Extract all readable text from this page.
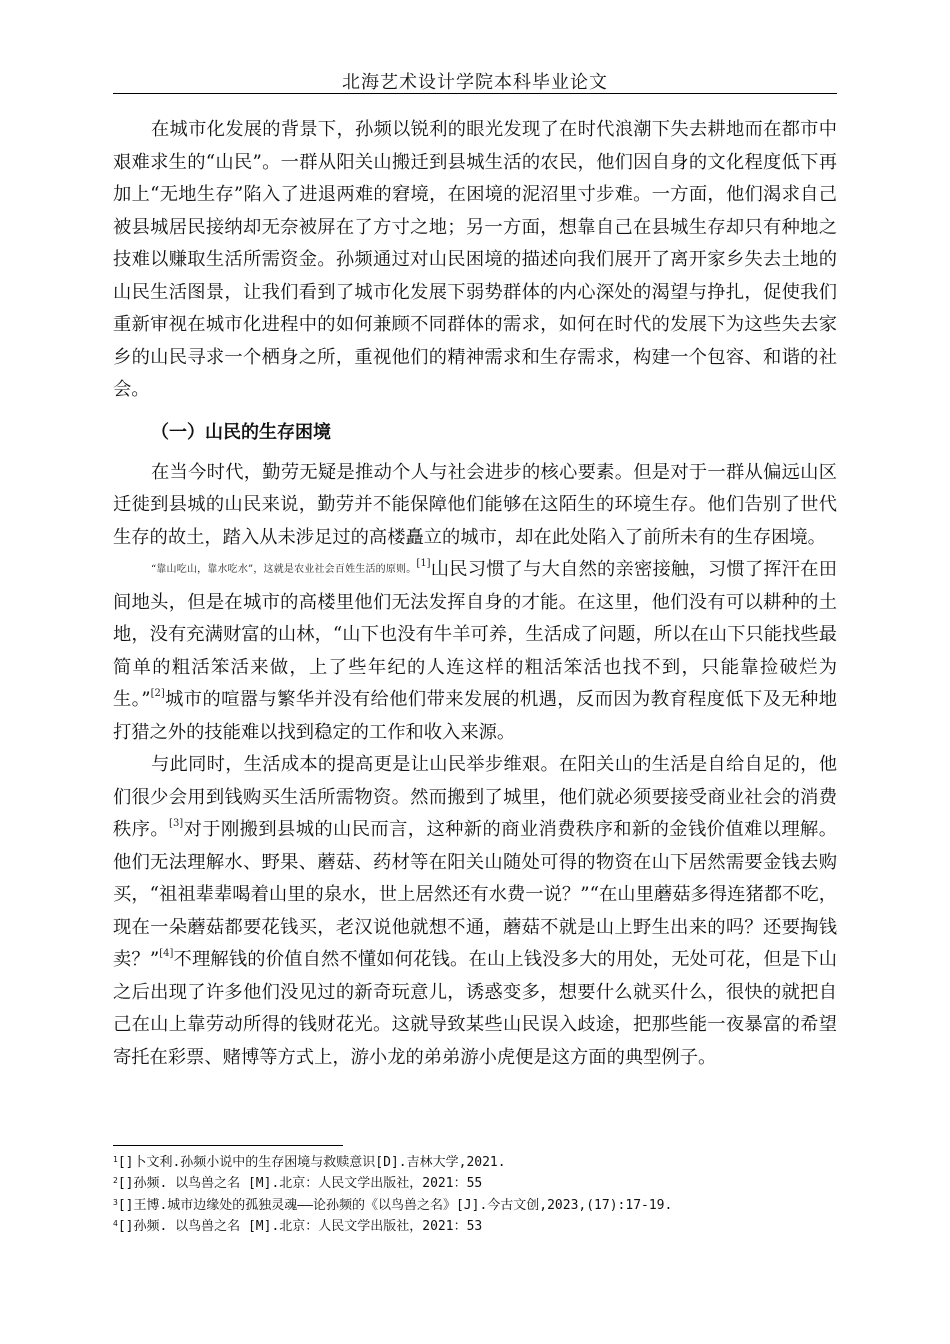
北海艺术设计学院本科毕业论文

在城市化发展的背景下，孙频以锐利的眼光发现了在时代浪潮下失去耕地而在都市中艰难求生的“山民”。一群从阳关山搬迁到县城生活的农民，他们因自身的文化程度低下再加上“无地生存”陷入了进退两难的窘境，在困境的泥沼里寸步难。一方面，他们渴求自己被县城居民接纳却无奈被屏在了方寸之地；另一方面，想靠自己在县城生存却只有种地之技难以赚取生活所需资金。孙频通过对山民困境的描述向我们展开了离开家乡失去土地的山民生活图景，让我们看到了城市化发展下弱势群体的内心深处的渴望与挣扎，促使我们重新审视在城市化进程中的如何兼顾不同群体的需求，如何在时代的发展下为这些失去家乡的山民寻求一个栖身之所，重视他们的精神需求和生存需求，构建一个包容、和谐的社会。

（一）山民的生存困境

在当今时代，勤劳无疑是推动个人与社会进步的核心要素。但是对于一群从偏远山区迁徙到县城的山民来说，勤劳并不能保障他们能够在这陌生的环境生存。他们告别了世代生存的故土，踏入从未涉足过的高楼矗立的城市，却在此处陷入了前所未有的生存困境。

“靠山吃山，靠水吃水”，这就是农业社会百姓生活的原则。[1]山民习惯了与大自然的亲密接触，习惯了挥汗在田间地头，但是在城市的高楼里他们无法发挥自身的才能。在这里，他们没有可以耕种的土地，没有充满财富的山林，“山下也没有牛羊可养，生活成了问题，所以在山下只能找些最简单的粗活笨活来做，上了些年纪的人连这样的粗活笨活也找不到，只能靠捡破烂为生。”[2]城市的喧嚣与繁华并没有给他们带来发展的机遇，反而因为教育程度低下及无种地打猎之外的技能难以找到稳定的工作和收入来源。

与此同时，生活成本的提高更是让山民举步维艰。在阳关山的生活是自给自足的，他们很少会用到钱购买生活所需物资。然而搬到了城里，他们就必须要接受商业社会的消费秩序。[3]对于刚搬到县城的山民而言，这种新的商业消费秩序和新的金钱价值难以理解。他们无法理解水、野果、蘑菇、药材等在阳关山随处可得的物资在山下居然需要金钱去购买，“祖祖辈辈喝着山里的泉水，世上居然还有水费一说？”“在山里蘑菇多得连猪都不吃，现在一朵蘑菇都要花钱买，老汉说他就想不通，蘑菇不就是山上野生出来的吗？还要掏钱卖？”[4]不理解钱的价值自然不懂如何花钱。在山上钱没多大的用处，无处可花，但是下山之后出现了许多他们没见过的新奇玩意儿，诱惑变多，想要什么就买什么，很快的就把自己在山上靠劳动所得的钱财花光。这就导致某些山民误入歧途，把那些能一夜暴富的希望寄托在彩票、赌博等方式上，游小龙的弟弟游小虎便是这方面的典型例子。

$^1$[]卜文利.孙频小说中的生存困境与救赎意识[D].吉林大学,2021.
$^2$[]孙频. 以鸟兽之名 [M].北京：人民文学出版社，2021：55
$^3$[]王博.城市边缘处的孤独灵魂——论孙频的《以鸟兽之名》[J].今古文创,2023,(17):17-19.
$^4$[]孙频. 以鸟兽之名 [M].北京：人民文学出版社，2021：53
